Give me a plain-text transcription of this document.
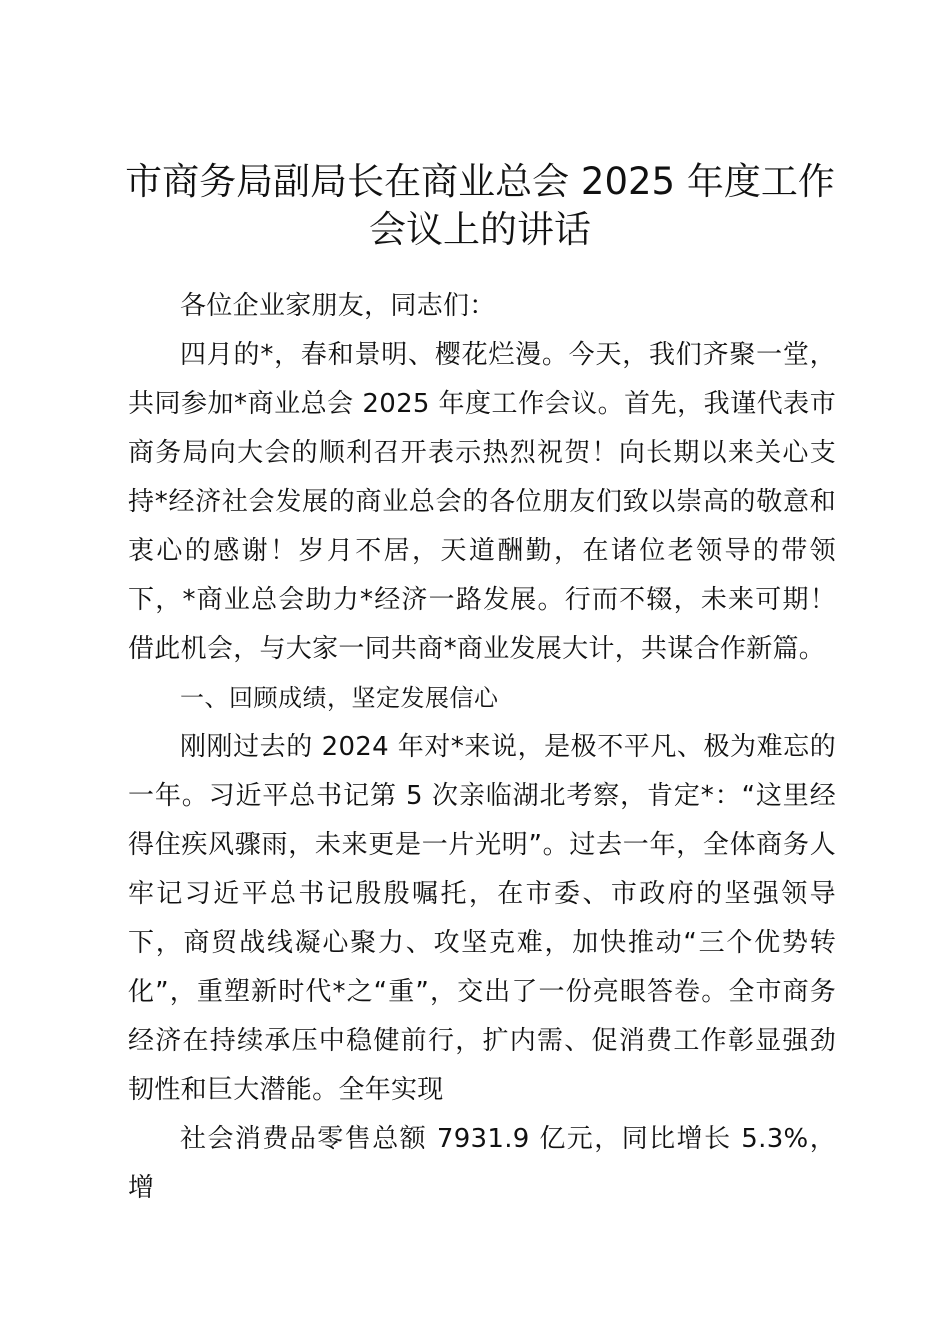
市商务局副局长在商业总会 2025 年度工作会议上的讲话

各位企业家朋友，同志们：

四月的*，春和景明、樱花烂漫。今天，我们齐聚一堂，共同参加*商业总会 2025 年度工作会议。首先，我谨代表市商务局向大会的顺利召开表示热烈祝贺！向长期以来关心支持*经济社会发展的商业总会的各位朋友们致以崇高的敬意和衷心的感谢！岁月不居，天道酬勤，在诸位老领导的带领下，*商业总会助力*经济一路发展。行而不辍，未来可期！借此机会，与大家一同共商*商业发展大计，共谋合作新篇。

一、回顾成绩，坚定发展信心

刚刚过去的 2024 年对*来说，是极不平凡、极为难忘的一年。习近平总书记第 5 次亲临湖北考察，肯定*：“这里经得住疾风骤雨，未来更是一片光明”。过去一年，全体商务人牢记习近平总书记殷殷嘱托，在市委、市政府的坚强领导下，商贸战线凝心聚力、攻坚克难，加快推动“三个优势转化”，重塑新时代*之“重”，交出了一份亮眼答卷。全市商务经济在持续承压中稳健前行，扩内需、促消费工作彰显强劲韧性和巨大潜能。全年实现

社会消费品零售总额 7931.9 亿元，同比增长 5.3%，增
